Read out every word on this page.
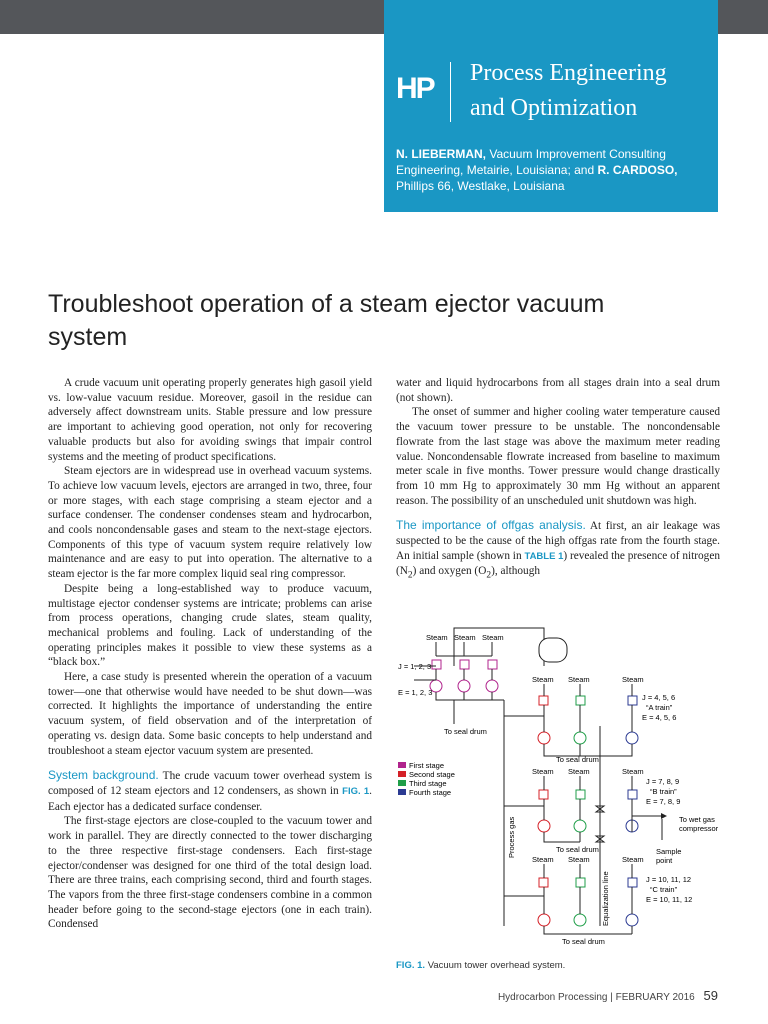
HP Process Engineering
and Optimization
N. LIEBERMAN, Vacuum Improvement Consulting Engineering, Metairie, Louisiana; and R. CARDOSO, Phillips 66, Westlake, Louisiana
Troubleshoot operation of a steam ejector vacuum system

A crude vacuum unit operating properly generates high gasoil yield vs. low-value vacuum residue. Moreover, gasoil in the residue can adversely affect downstream units. Stable pressure and low pressure are important to achieving good operation, not only for recovering valuable products but also for avoiding swings that impair control systems and the meeting of product specifications.

Steam ejectors are in widespread use in overhead vacuum systems. To achieve low vacuum levels, ejectors are arranged in two, three, four or more stages, with each stage comprising a steam ejector and a surface condenser. The condenser condenses steam and hydrocarbon, and cools noncondensable gases and steam to the next-stage ejectors. Components of this type of vacuum system require relatively low maintenance and are easy to put into operation. The alternative to a steam ejector is the far more complex liquid seal ring compressor.

Despite being a long-established way to produce vacuum, multistage ejector condenser systems are intricate; problems can arise from process operations, changing crude slates, steam quality, mechanical problems and fouling. Lack of understanding of the operating principles makes it possible to view these systems as a “black box.”

Here, a case study is presented wherein the operation of a vacuum tower—one that otherwise would have needed to be shut down—was corrected. It highlights the importance of understanding the entire vacuum system, of field observation and of the interpretation of operating vs. design data. Some basic concepts to help understand and troubleshoot a steam ejector vacuum system are presented.

System background. The crude vacuum tower overhead system is composed of 12 steam ejectors and 12 condensers, as shown in FIG. 1. Each ejector has a dedicated surface condenser.

The first-stage ejectors are close-coupled to the vacuum tower and work in parallel. They are directly connected to the tower discharging to the three respective first-stage condensers. Each first-stage ejector/condenser was designed for one third of the total design load. There are three trains, each comprising second, third and fourth stages. The vapors from the three first-stage condensers combine in a common header before going to the second-stage ejectors (one in each train). Condensed

water and liquid hydrocarbons from all stages drain into a seal drum (not shown).

The onset of summer and higher cooling water temperature caused the vacuum tower pressure to be unstable. The noncondensable flowrate from the last stage was above the maximum meter reading value. Noncondensable flowrate increased from baseline to maximum meter scale in five months. Tower pressure would change drastically from 10 mm Hg to approximately 30 mm Hg without an apparent reason. The possibility of an unscheduled unit shutdown was high.

The importance of offgas analysis. At first, an air leakage was suspected to be the cause of the high offgas rate from the fourth stage. An initial sample (shown in TABLE 1) revealed the presence of nitrogen $(N_2)$ and oxygen $(O_2)$, although

Steam Steam Steam
J = 1, 2, 3
E = 1, 2, 3
To seal drum
Process gas
Steam Steam	Steam
To seal drum
J = 4, 5, 6
“A train”
E = 4, 5, 6
Steam Steam	Steam
J = 7, 8, 9
“B train”
E = 7, 8, 9
To wet gas
compressor
Sample
point
To seal drum
Steam Steam	Steam
Equalization line	J = 10, 11, 12
“C train”
E = 10, 11, 12
To seal drum
First stage
Second stage
Third stage
Fourth stage
FIG. 1. Vacuum tower overhead system.
Hydrocarbon Processing | FEBRUARY 2016 59
